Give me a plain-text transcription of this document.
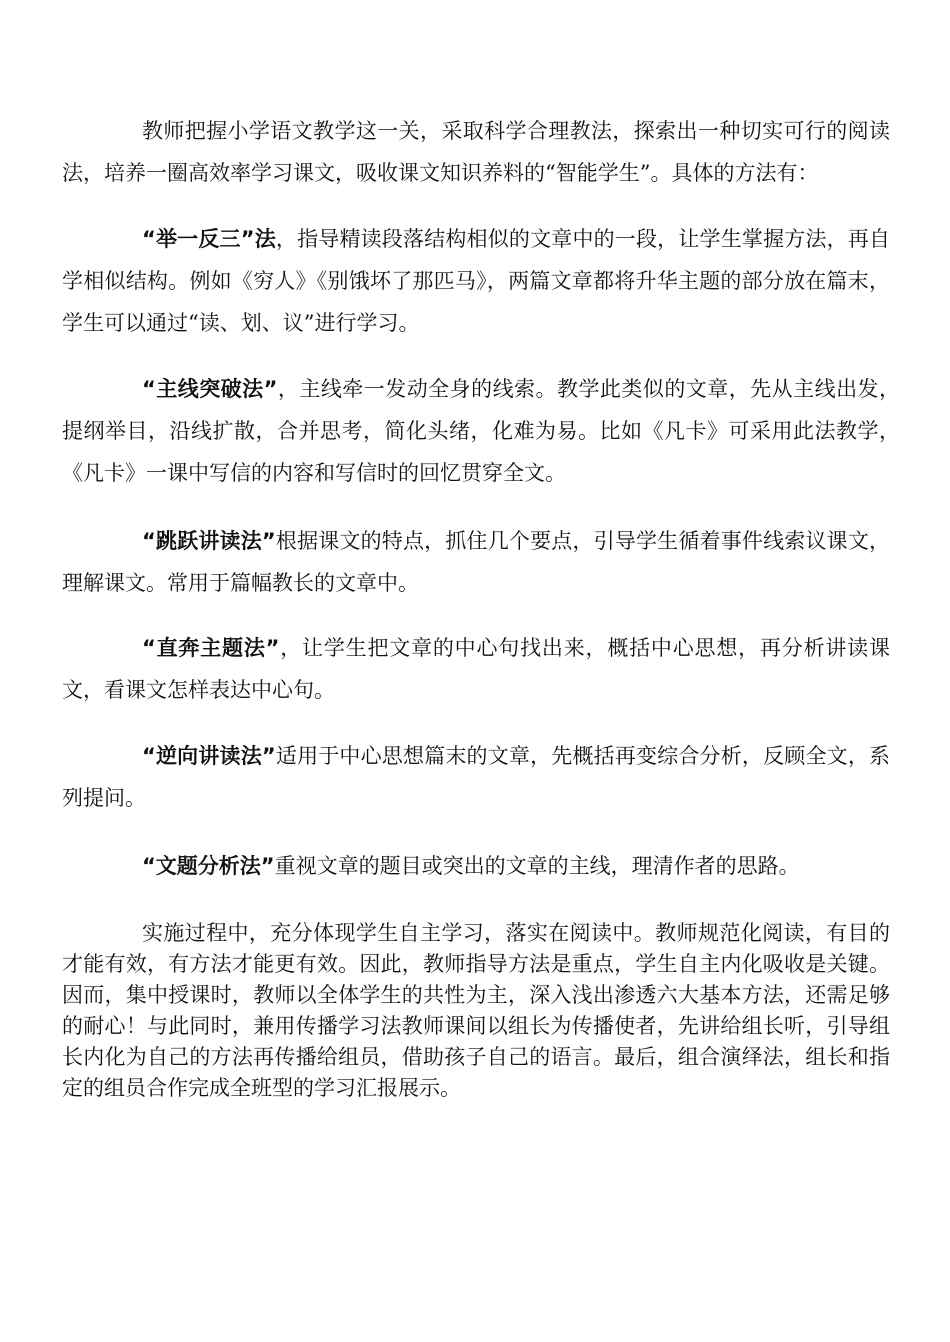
教师把握小学语文教学这一关，采取科学合理教法，探索出一种切实可行的阅读法，培养一圈高效率学习课文，吸收课文知识养料的“智能学生”。具体的方法有：

“举一反三”法，指导精读段落结构相似的文章中的一段，让学生掌握方法，再自学相似结构。例如《穷人》《别饿坏了那匹马》，两篇文章都将升华主题的部分放在篇末，学生可以通过“读、划、议”进行学习。

“主线突破法”，主线牵一发动全身的线索。教学此类似的文章，先从主线出发，提纲举目，沿线扩散，合并思考，简化头绪，化难为易。比如《凡卡》可采用此法教学，《凡卡》一课中写信的内容和写信时的回忆贯穿全文。

“跳跃讲读法”根据课文的特点，抓住几个要点，引导学生循着事件线索议课文，理解课文。常用于篇幅教长的文章中。

“直奔主题法”，让学生把文章的中心句找出来，概括中心思想，再分析讲读课文，看课文怎样表达中心句。

“逆向讲读法”适用于中心思想篇末的文章，先概括再变综合分析，反顾全文，系列提问。

“文题分析法”重视文章的题目或突出的文章的主线，理清作者的思路。

实施过程中，充分体现学生自主学习，落实在阅读中。教师规范化阅读，有目的才能有效，有方法才能更有效。因此，教师指导方法是重点，学生自主内化吸收是关键。因而，集中授课时，教师以全体学生的共性为主，深入浅出渗透六大基本方法，还需足够的耐心！与此同时，兼用传播学习法教师课间以组长为传播使者，先讲给组长听，引导组长内化为自己的方法再传播给组员，借助孩子自己的语言。最后，组合演绎法，组长和指定的组员合作完成全班型的学习汇报展示。
